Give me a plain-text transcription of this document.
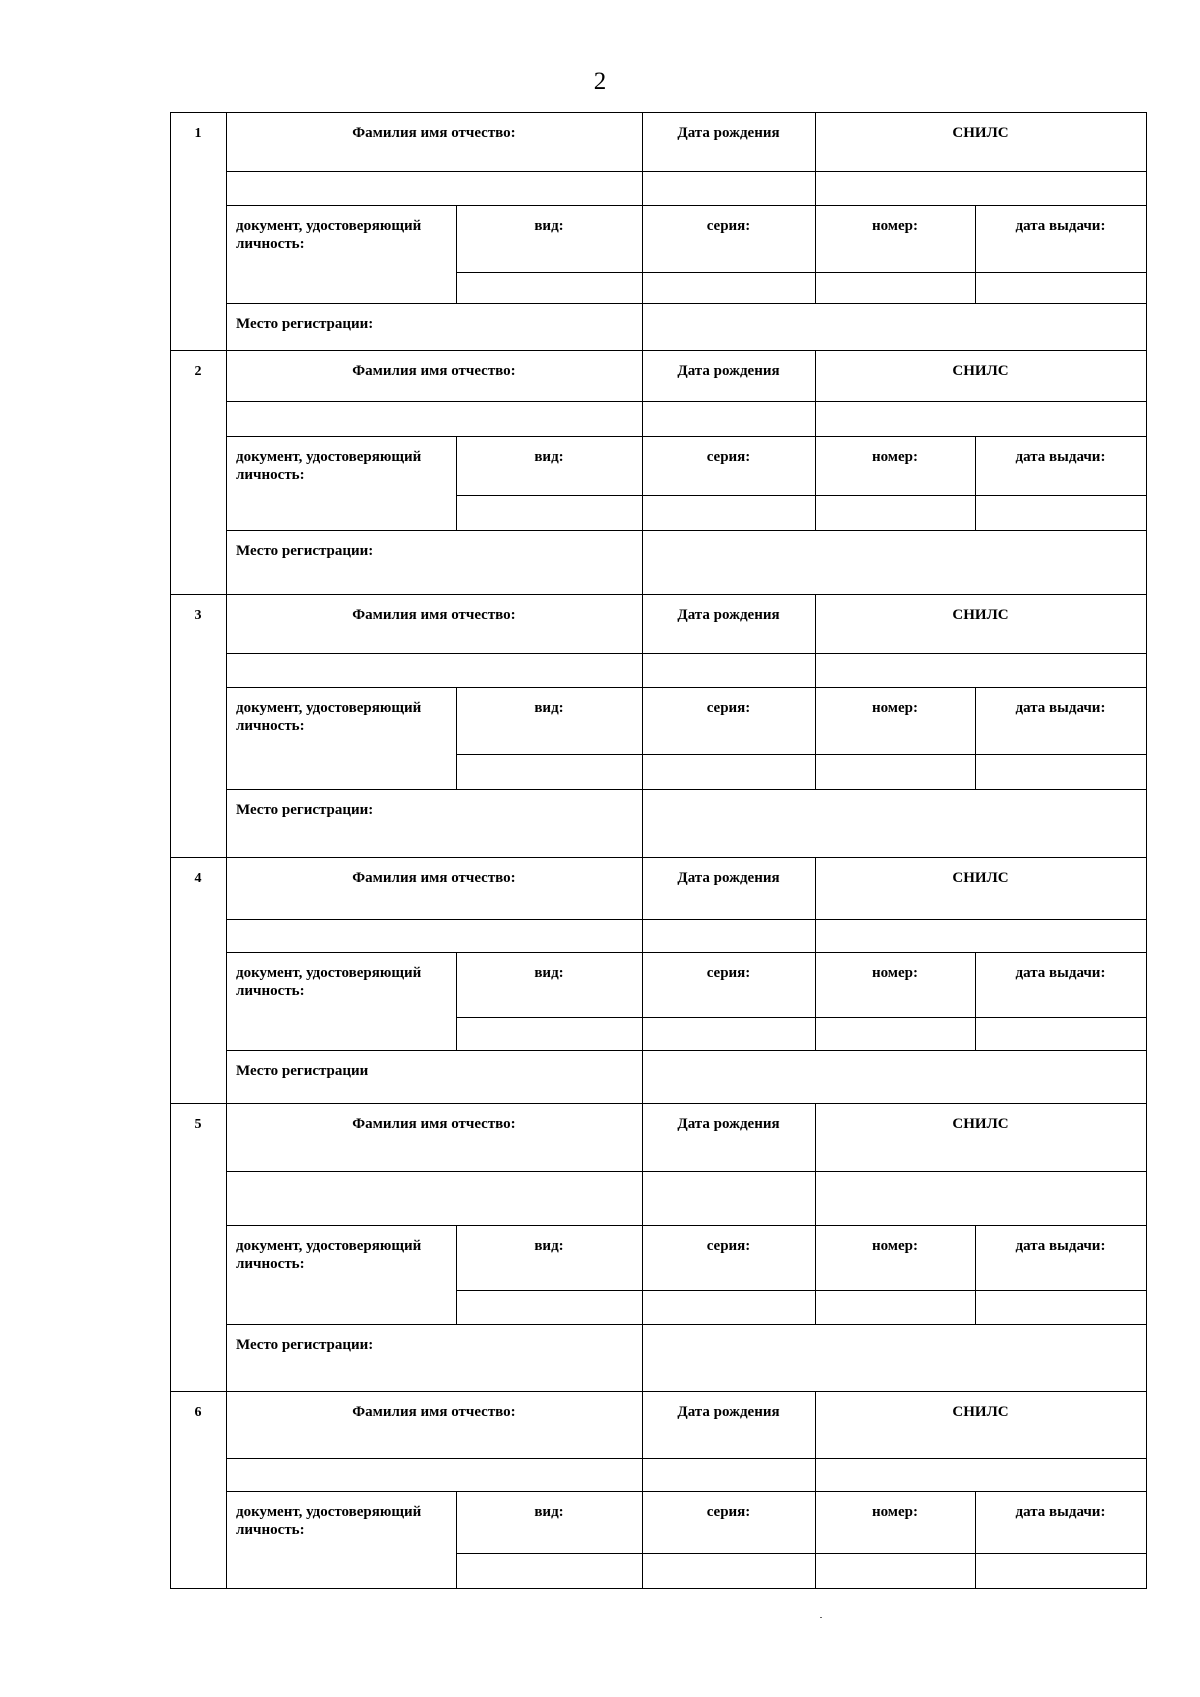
2
1	Фамилия имя отчество:	Дата рождения	СНИЛС
документ, удостоверяющий личность:
вид:	серия:	номер:	дата выдачи:
Место регистрации:
2	Фамилия имя отчество:	Дата рождения	СНИЛС
документ, удостоверяющий личность:
вид:	серия:	номер:	дата выдачи:
Место регистрации:
3	Фамилия имя отчество:	Дата рождения	СНИЛС
документ, удостоверяющий личность:
вид:	серия:	номер:	дата выдачи:
Место регистрации:
4	Фамилия имя отчество:	Дата рождения	СНИЛС
документ, удостоверяющий личность:
вид:	серия:	номер:	дата выдачи:
Место регистрации
5	Фамилия имя отчество:	Дата рождения	СНИЛС
документ, удостоверяющий личность:
вид:	серия:	номер:	дата выдачи:
Место регистрации:
6	Фамилия имя отчество:	Дата рождения	СНИЛС
документ, удостоверяющий личность:
вид:	серия:	номер:	дата выдачи:
